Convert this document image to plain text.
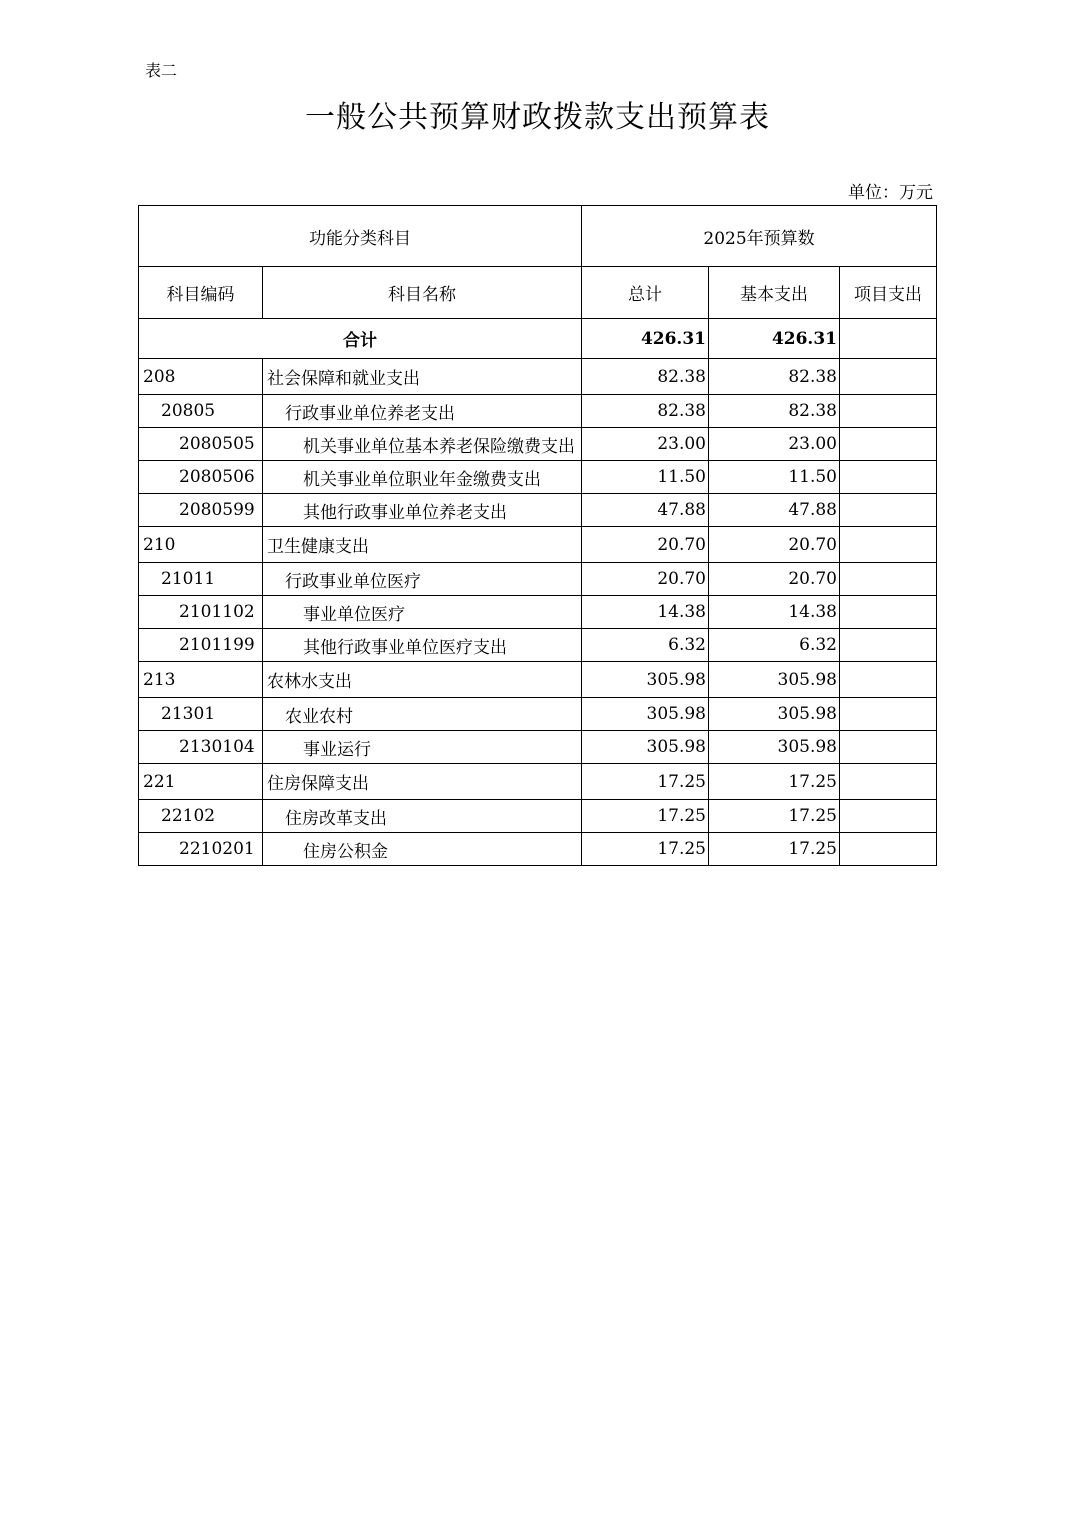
表二
一般公共预算财政拨款支出预算表
单位：万元
功能分类科目		2025年预算数		
科目编码	科目名称	总计	基本支出	项目支出
合计		426.31	426.31	
208	社会保障和就业支出	82.38	82.38	
20805	行政事业单位养老支出	82.38	82.38	
2080505	机关事业单位基本养老保险缴费支出	23.00	23.00	
2080506	机关事业单位职业年金缴费支出	11.50	11.50	
2080599	其他行政事业单位养老支出	47.88	47.88	
210	卫生健康支出	20.70	20.70	
21011	行政事业单位医疗	20.70	20.70	
2101102	事业单位医疗	14.38	14.38	
2101199	其他行政事业单位医疗支出	6.32	6.32	
213	农林水支出	305.98	305.98	
21301	农业农村	305.98	305.98	
2130104	事业运行	305.98	305.98	
221	住房保障支出	17.25	17.25	
22102	住房改革支出	17.25	17.25	
2210201	住房公积金	17.25	17.25	
